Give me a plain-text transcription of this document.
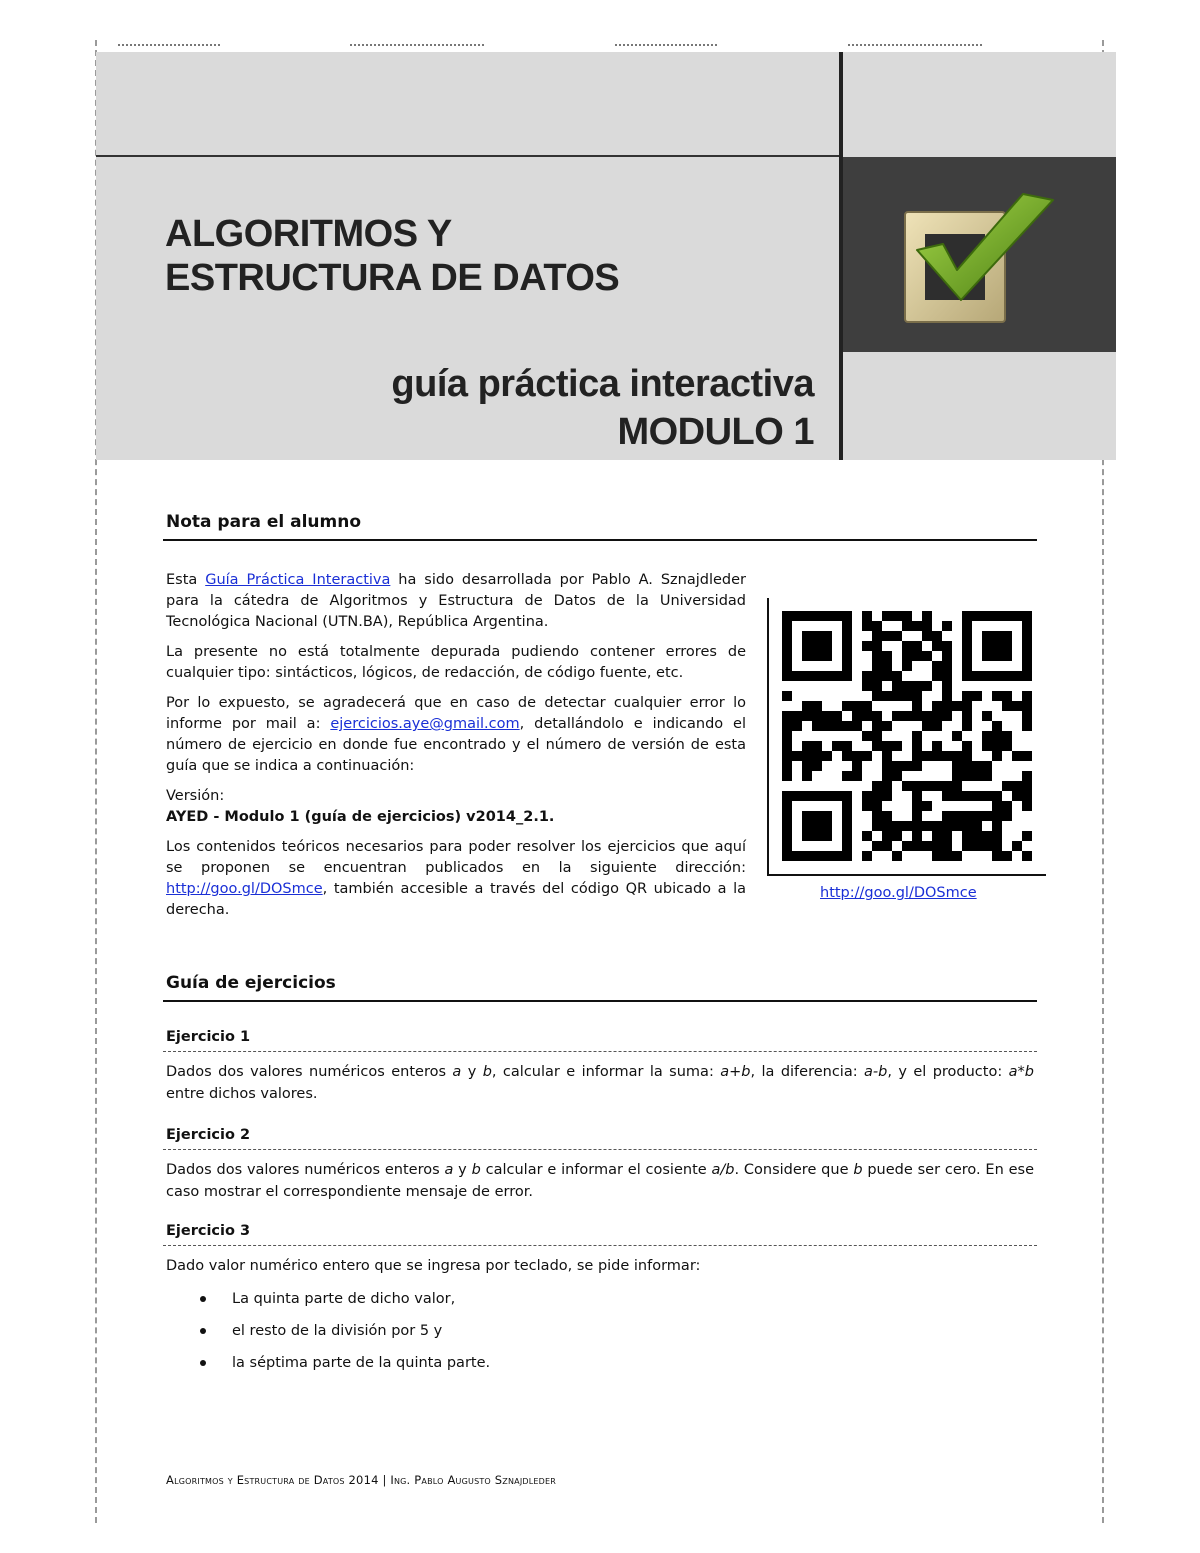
ALGORITMOS Y
ESTRUCTURA DE DATOS
guía práctica interactiva
MODULO 1
Nota para el alumno

Esta Guía Práctica Interactiva ha sido desarrollada por Pablo A. Sznajdleder para la cátedra de Algoritmos y Estructura de Datos de la Universidad Tecnológica Nacional (UTN.BA), República Argentina.

La presente no está totalmente depurada pudiendo contener errores de cualquier tipo: sintácticos, lógicos, de redacción, de código fuente, etc.

Por lo expuesto, se agradecerá que en caso de detectar cualquier error lo informe por mail a: ejercicios.aye@gmail.com, detallándolo e indicando el número de ejercicio en donde fue encontrado y el número de versión de esta guía que se indica a continuación:

Versión:
AYED - Modulo 1 (guía de ejercicios) v2014_2.1.

Los contenidos teóricos necesarios para poder resolver los ejercicios que aquí se proponen se encuentran publicados en la siguiente dirección: http://goo.gl/DOSmce, también accesible a través del código QR ubicado a la derecha.

http://goo.gl/DOSmce
Guía de ejercicios
Ejercicio 1
Dados dos valores numéricos enteros a y b, calcular e informar la suma: a+b, la diferencia: a-b, y el producto: a*b entre dichos valores.
Ejercicio 2
Dados dos valores numéricos enteros a y b calcular e informar el cosiente a/b. Considere que b puede ser cero. En ese caso mostrar el correspondiente mensaje de error.
Ejercicio 3
Dado valor numérico entero que se ingresa por teclado, se pide informar:
La quinta parte de dicho valor,
el resto de la división por 5 y
la séptima parte de la quinta parte.
Algoritmos y Estructura de Datos 2014 | Ing. Pablo Augusto Sznajdleder
